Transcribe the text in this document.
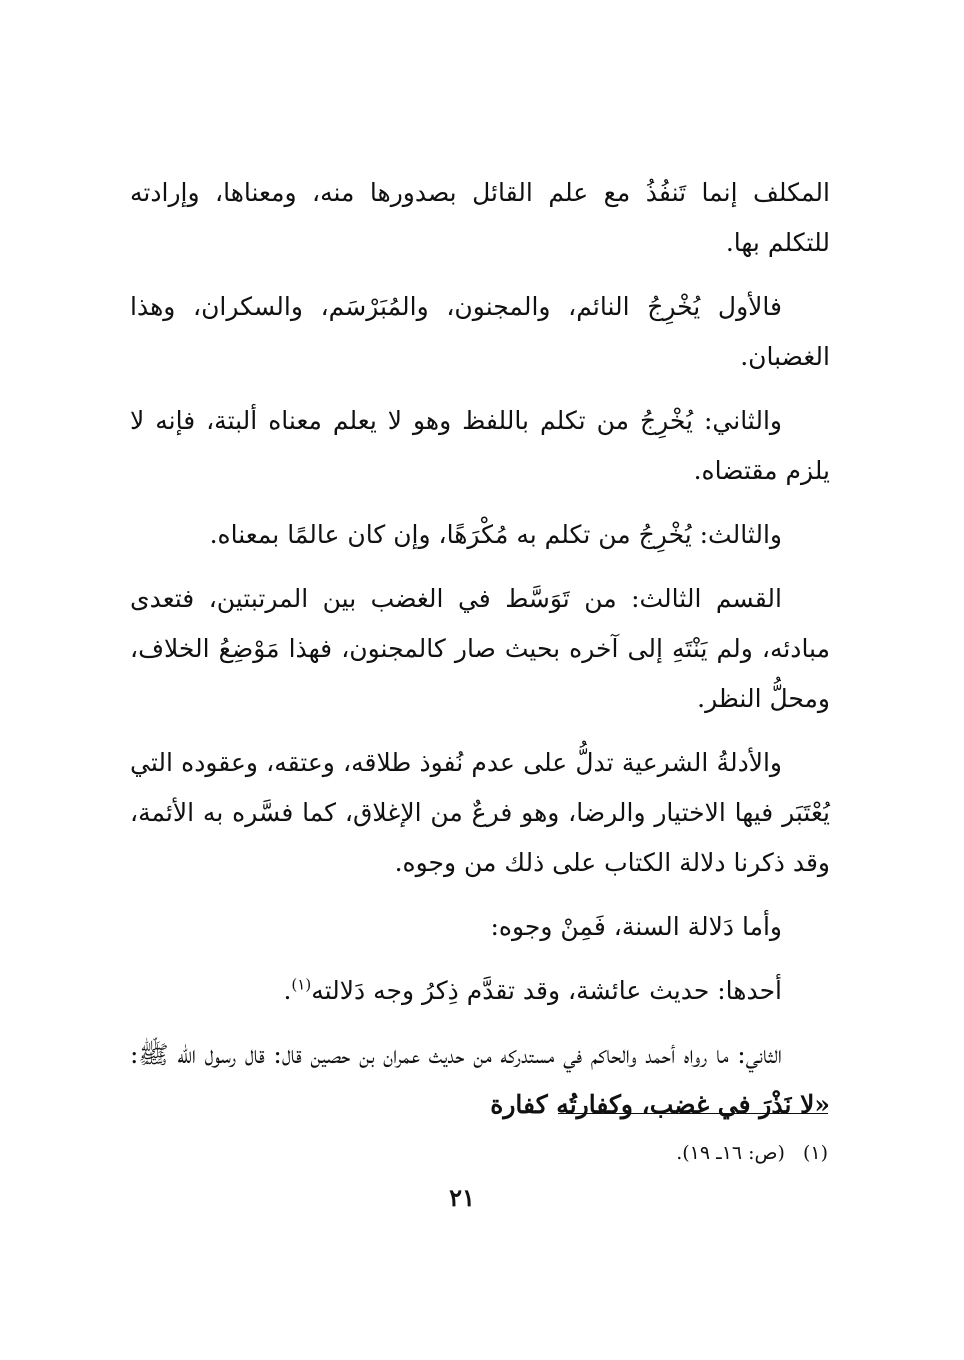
المكلف إنما تَنفُذُ مع علم القائل بصدورها منه، ومعناها، وإرادته للتكلم بها.

فالأول يُخْرِجُ النائم، والمجنون، والمُبَرْسَم، والسكران، وهذا الغضبان.

والثاني: يُخْرِجُ من تكلم باللفظ وهو لا يعلم معناه ألبتة، فإنه لا يلزم مقتضاه.

والثالث: يُخْرِجُ من تكلم به مُكْرَهًا، وإن كان عالمًا بمعناه.

القسم الثالث: من تَوَسَّط في الغضب بين المرتبتين، فتعدى مبادئه، ولم يَنْتَهِ إلى آخره بحيث صار كالمجنون، فهذا مَوْضِعُ الخلاف، ومحلُّ النظر.

والأدلةُ الشرعية تدلُّ على عدم نُفوذ طلاقه، وعتقه، وعقوده التي يُعْتَبَر فيها الاختيار والرضا، وهو فرعٌ من الإغلاق، كما فسَّره به الأئمة، وقد ذكرنا دلالة الكتاب على ذلك من وجوه.

وأما دَلالة السنة، فَمِنْ وجوه:

أحدها: حديث عائشة، وقد تقدَّم ذِكرُ وجه دَلالته$^{(١)}$.

الثاني: ما رواه أحمد والحاكم في مستدركه من حديث عمران بن حصين قال: قال رسول الله ﷺ: «لا نَذْرَ في غضب، وكفارتُه كفارة

(١)(ص: ١٦ـ ١٩).
٢١
